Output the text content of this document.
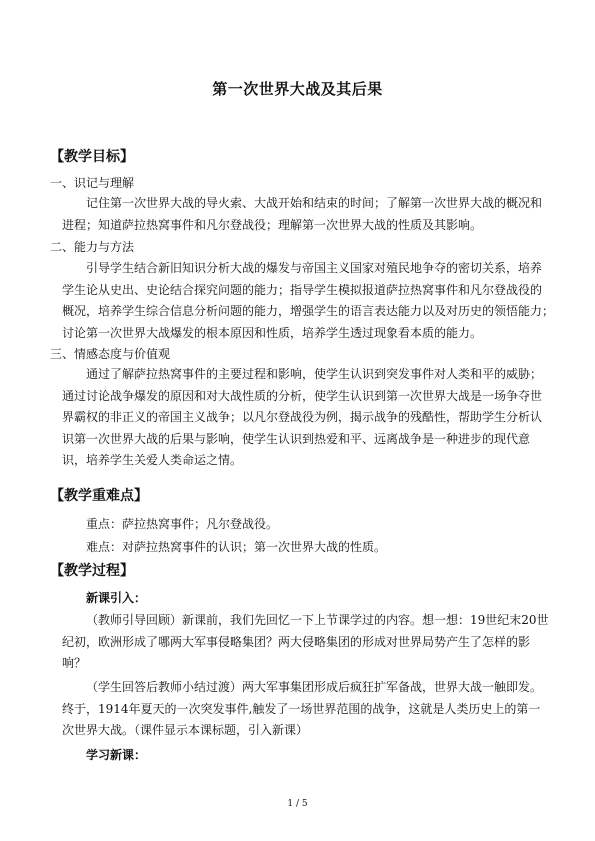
第一次世界大战及其后果
【教学目标】
一、识记与理解

记住第一次世界大战的导火索、大战开始和结束的时间；了解第一次世界大战的概况和进程；知道萨拉热窝事件和凡尔登战役；理解第一次世界大战的性质及其影响。

二、能力与方法

引导学生结合新旧知识分析大战的爆发与帝国主义国家对殖民地争夺的密切关系，培养学生论从史出、史论结合探究问题的能力；指导学生模拟报道萨拉热窝事件和凡尔登战役的概况，培养学生综合信息分析问题的能力，增强学生的语言表达能力以及对历史的领悟能力；　　讨论第一次世界大战爆发的根本原因和性质，培养学生透过现象看本质的能力。

三、情感态度与价值观

通过了解萨拉热窝事件的主要过程和影响，使学生认识到突发事件对人类和平的威胁；通过讨论战争爆发的原因和对大战性质的分析，使学生认识到第一次世界大战是一场争夺世界霸权的非正义的帝国主义战争；以凡尔登战役为例，揭示战争的残酷性，帮助学生分析认识第一次世界大战的后果与影响，使学生认识到热爱和平、远离战争是一种进步的现代意识，培养学生关爱人类命运之情。

【教学重难点】
重点：萨拉热窝事件；凡尔登战役。
难点：对萨拉热窝事件的认识；第一次世界大战的性质。
【教学过程】
新课引入：

（教师引导回顾）新课前，我们先回忆一下上节课学过的内容。想一想：19世纪末20世纪初，欧洲形成了哪两大军事侵略集团？两大侵略集团的形成对世界局势产生了怎样的影响？

（学生回答后教师小结过渡）两大军事集团形成后疯狂扩军备战，世界大战一触即发。终于，1914年夏天的一次突发事件,触发了一场世界范围的战争，这就是人类历史上的第一次世界大战。（课件显示本课标题，引入新课）

学习新课：
1 / 5
